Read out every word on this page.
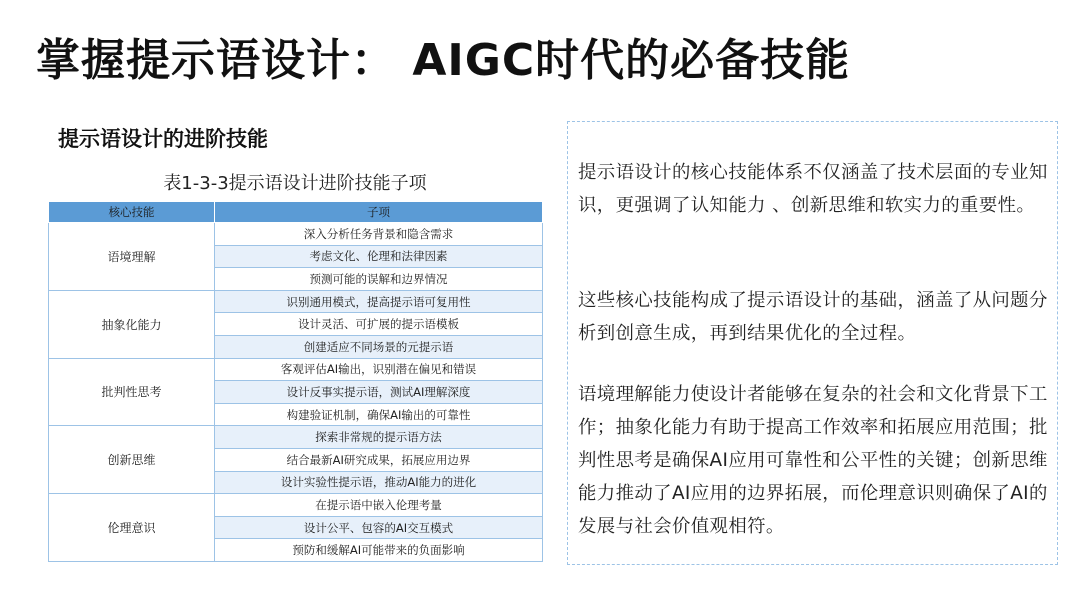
掌握提示语设计： AIGC时代的必备技能
提示语设计的进阶技能
表1-3-3提示语设计进阶技能子项
核心技能	子项
语境理解	深入分析任务背景和隐含需求
	考虑文化、伦理和法律因素
	预测可能的误解和边界情况
抽象化能力	识别通用模式，提高提示语可复用性
	设计灵活、可扩展的提示语模板
	创建适应不同场景的元提示语
批判性思考	客观评估AI输出，识别潜在偏见和错误
	设计反事实提示语，测试AI理解深度
	构建验证机制，确保AI输出的可靠性
创新思维	探索非常规的提示语方法
	结合最新AI研究成果，拓展应用边界
	设计实验性提示语，推动AI能力的进化
伦理意识	在提示语中嵌入伦理考量
	设计公平、包容的AI交互模式
	预防和缓解AI可能带来的负面影响
提示语设计的核心技能体系不仅涵盖了技术层面的专业知识，更强调了认知能力 、创新思维和软实力的重要性。
这些核心技能构成了提示语设计的基础，涵盖了从问题分析到创意生成，再到结果优化的全过程。
语境理解能力使设计者能够在复杂的社会和文化背景下工作；抽象化能力有助于提高工作效率和拓展应用范围；批判性思考是确保AI应用可靠性和公平性的关键；创新思维能力推动了AI应用的边界拓展，而伦理意识则确保了AI的发展与社会价值观相符。
